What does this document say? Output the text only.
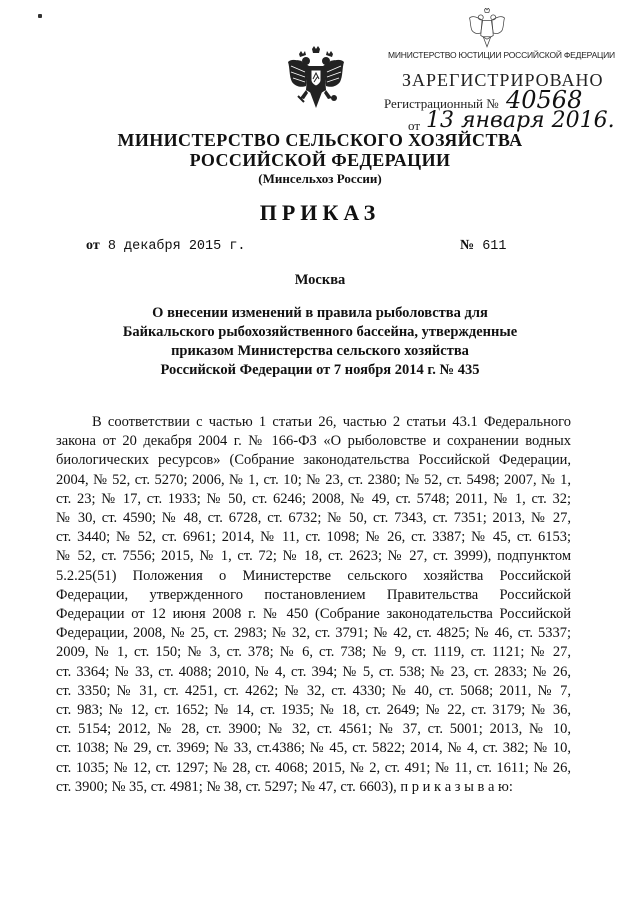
МИНИСТЕРСТВО ЮСТИЦИИ РОССИЙСКОЙ ФЕДЕРАЦИИ
ЗАРЕГИСТРИРОВАНО
Регистрационный № 40568
от 13 января 2016.
МИНИСТЕРСТВО СЕЛЬСКОГО ХОЗЯЙСТВА
РОССИЙСКОЙ ФЕДЕРАЦИИ
(Минсельхоз России)
ПРИКАЗ
от 8 декабря 2015 г.	№ 611
Москва
О внесении изменений в правила рыболовства для
Байкальского рыбохозяйственного бассейна, утвержденные
приказом Министерства сельского хозяйства
Российской Федерации от 7 ноября 2014 г. № 435
В соответствии с частью 1 статьи 26, частью 2 статьи 43.1 Федерального
закона от 20 декабря 2004 г. № 166-ФЗ «О рыболовстве и сохранении водных
биологических ресурсов» (Собрание законодательства Российской Федерации,
2004, № 52, ст. 5270; 2006, № 1, ст. 10; № 23, ст. 2380; № 52, ст. 5498; 2007, № 1,
ст. 23; № 17, ст. 1933; № 50, ст. 6246; 2008, № 49, ст. 5748; 2011, № 1, ст. 32;
№ 30, ст. 4590; № 48, ст. 6728, ст. 6732; № 50, ст. 7343, ст. 7351; 2013, № 27,
ст. 3440; № 52, ст. 6961; 2014, № 11, ст. 1098; № 26, ст. 3387; № 45, ст. 6153;
№ 52, ст. 7556; 2015, № 1, ст. 72; № 18, ст. 2623; № 27, ст. 3999), подпунктом
5.2.25(51) Положения о Министерстве сельского хозяйства Российской
Федерации, утвержденного постановлением Правительства Российской
Федерации от 12 июня 2008 г. № 450 (Собрание законодательства Российской
Федерации, 2008, № 25, ст. 2983; № 32, ст. 3791; № 42, ст. 4825; № 46, ст. 5337;
2009, № 1, ст. 150; № 3, ст. 378; № 6, ст. 738; № 9, ст. 1119, ст. 1121; № 27,
ст. 3364; № 33, ст. 4088; 2010, № 4, ст. 394; № 5, ст. 538; № 23, ст. 2833; № 26,
ст. 3350; № 31, ст. 4251, ст. 4262; № 32, ст. 4330; № 40, ст. 5068; 2011, № 7,
ст. 983; № 12, ст. 1652; № 14, ст. 1935; № 18, ст. 2649; № 22, ст. 3179; № 36,
ст. 5154; 2012, № 28, ст. 3900; № 32, ст. 4561; № 37, ст. 5001; 2013, № 10,
ст. 1038; № 29, ст. 3969; № 33, ст.4386; № 45, ст. 5822; 2014, № 4, ст. 382; № 10,
ст. 1035; № 12, ст. 1297; № 28, ст. 4068; 2015, № 2, ст. 491; № 11, ст. 1611; № 26,
ст. 3900; № 35, ст. 4981; № 38, ст. 5297; № 47, ст. 6603), п р и к а з ы в а ю:
